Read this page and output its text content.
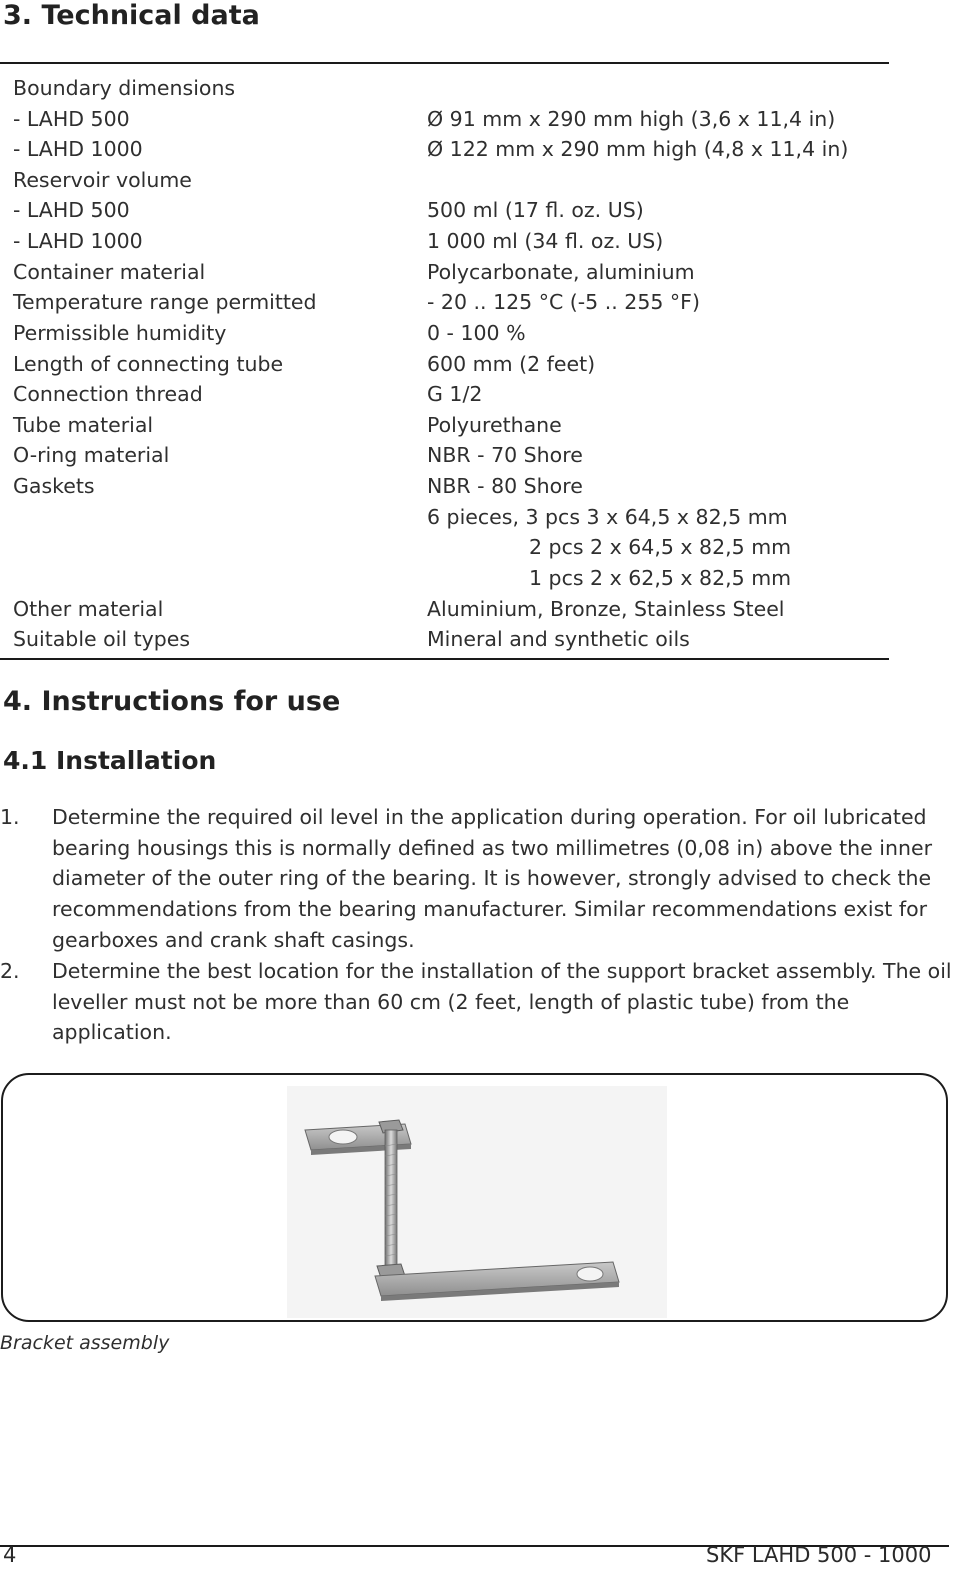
3. Technical data
Boundary dimensions
- LAHD 500	Ø 91 mm x 290 mm high (3,6 x 11,4 in)
- LAHD 1000	Ø 122 mm x 290 mm high (4,8 x 11,4 in)
Reservoir volume
- LAHD 500	500 ml (17 fl. oz. US)
- LAHD 1000	1 000 ml (34 fl. oz. US)
Container material	Polycarbonate, aluminium
Temperature range permitted	- 20 .. 125 °C (-5 .. 255 °F)
Permissible humidity	0 - 100 %
Length of connecting tube	600 mm (2 feet)
Connection thread	G 1/2
Tube material	Polyurethane
O-ring material	NBR - 70 Shore
Gaskets	NBR - 80 Shore
6 pieces, 3 pcs 3 x 64,5 x 82,5 mm
2 pcs 2 x 64,5 x 82,5 mm
1 pcs 2 x 62,5 x 82,5 mm
Other material	Aluminium, Bronze, Stainless Steel
Suitable oil types	Mineral and synthetic oils
4. Instructions for use
4.1 Installation
1. Determine the required oil level in the application during operation. For oil lubricated bearing housings this is normally defined as two millimetres (0,08 in) above the inner diameter of the outer ring of the bearing. It is however, strongly advised to check the recommendations from the bearing manufacturer. Similar recommendations exist for gearboxes and crank shaft casings.
2. Determine the best location for the installation of the support bracket assembly. The oil leveller must not be more than 60 cm (2 feet, length of plastic tube) from the application.
Bracket assembly
4	SKF LAHD 500 - 1000
